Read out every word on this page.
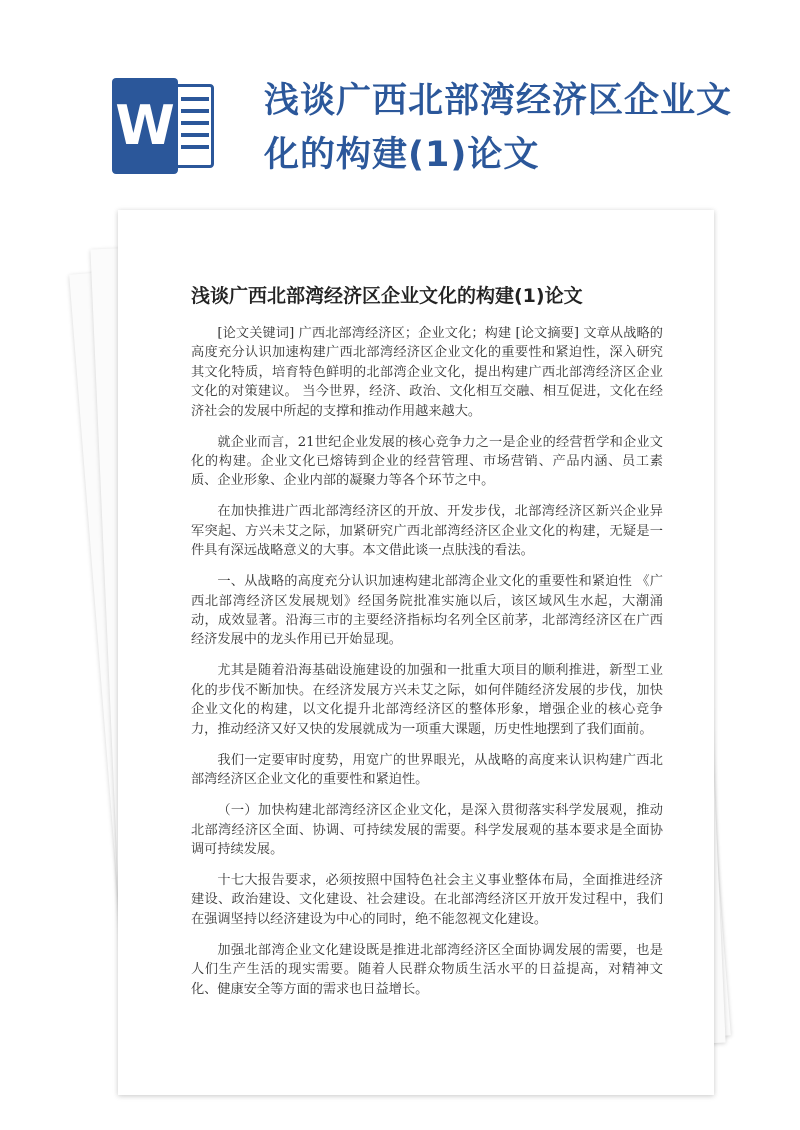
W	浅谈广西北部湾经济区企业文化的构建(1)论文
浅谈广西北部湾经济区企业文化的构建(1)论文

[论文关键词] 广西北部湾经济区；企业文化；构建 [论文摘要] 文章从战略的高度充分认识加速构建广西北部湾经济区企业文化的重要性和紧迫性，深入研究其文化特质，培育特色鲜明的北部湾企业文化，提出构建广西北部湾经济区企业文化的对策建议。 当今世界，经济、政治、文化相互交融、相互促进，文化在经济社会的发展中所起的支撑和推动作用越来越大。

就企业而言，21世纪企业发展的核心竞争力之一是企业的经营哲学和企业文化的构建。企业文化已熔铸到企业的经营管理、市场营销、产品内涵、员工素质、企业形象、企业内部的凝聚力等各个环节之中。

在加快推进广西北部湾经济区的开放、开发步伐，北部湾经济区新兴企业异军突起、方兴未艾之际，加紧研究广西北部湾经济区企业文化的构建，无疑是一件具有深远战略意义的大事。本文借此谈一点肤浅的看法。

一、从战略的高度充分认识加速构建北部湾企业文化的重要性和紧迫性 《广西北部湾经济区发展规划》经国务院批准实施以后，该区域风生水起，大潮涌动，成效显著。沿海三市的主要经济指标均名列全区前茅，北部湾经济区在广西经济发展中的龙头作用已开始显现。

尤其是随着沿海基础设施建设的加强和一批重大项目的顺利推进，新型工业化的步伐不断加快。在经济发展方兴未艾之际，如何伴随经济发展的步伐，加快企业文化的构建，以文化提升北部湾经济区的整体形象，增强企业的核心竞争力，推动经济又好又快的发展就成为一项重大课题，历史性地摆到了我们面前。

我们一定要审时度势，用宽广的世界眼光，从战略的高度来认识构建广西北部湾经济区企业文化的重要性和紧迫性。

（一）加快构建北部湾经济区企业文化，是深入贯彻落实科学发展观，推动北部湾经济区全面、协调、可持续发展的需要。科学发展观的基本要求是全面协调可持续发展。

十七大报告要求，必须按照中国特色社会主义事业整体布局，全面推进经济建设、政治建设、文化建设、社会建设。在北部湾经济区开放开发过程中，我们在强调坚持以经济建设为中心的同时，绝不能忽视文化建设。

加强北部湾企业文化建设既是推进北部湾经济区全面协调发展的需要，也是人们生产生活的现实需要。随着人民群众物质生活水平的日益提高，对精神文化、健康安全等方面的需求也日益增长。
